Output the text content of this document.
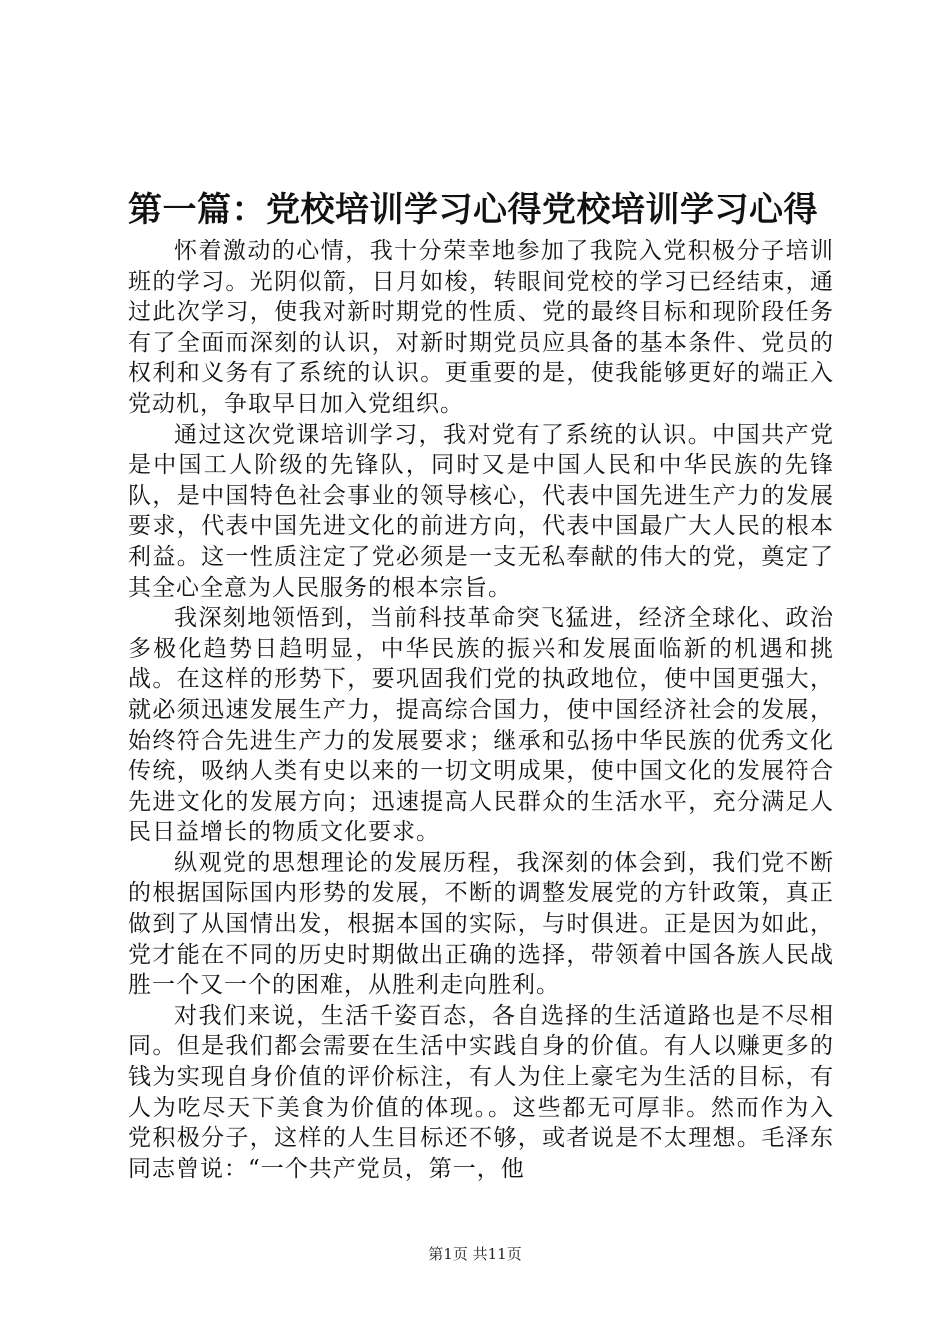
第一篇：党校培训学习心得党校培训学习心得

怀着激动的心情，我十分荣幸地参加了我院入党积极分子培训班的学习。光阴似箭，日月如梭，转眼间党校的学习已经结束，通过此次学习，使我对新时期党的性质、党的最终目标和现阶段任务有了全面而深刻的认识，对新时期党员应具备的基本条件、党员的权利和义务有了系统的认识。更重要的是，使我能够更好的端正入党动机，争取早日加入党组织。

通过这次党课培训学习，我对党有了系统的认识。中国共产党是中国工人阶级的先锋队，同时又是中国人民和中华民族的先锋队，是中国特色社会事业的领导核心，代表中国先进生产力的发展要求，代表中国先进文化的前进方向，代表中国最广大人民的根本利益。这一性质注定了党必须是一支无私奉献的伟大的党，奠定了其全心全意为人民服务的根本宗旨。

我深刻地领悟到，当前科技革命突飞猛进，经济全球化、政治多极化趋势日趋明显，中华民族的振兴和发展面临新的机遇和挑战。在这样的形势下，要巩固我们党的执政地位，使中国更强大，就必须迅速发展生产力，提高综合国力，使中国经济社会的发展，始终符合先进生产力的发展要求；继承和弘扬中华民族的优秀文化传统，吸纳人类有史以来的一切文明成果，使中国文化的发展符合先进文化的发展方向；迅速提高人民群众的生活水平，充分满足人民日益增长的物质文化要求。

纵观党的思想理论的发展历程，我深刻的体会到，我们党不断的根据国际国内形势的发展，不断的调整发展党的方针政策，真正做到了从国情出发，根据本国的实际，与时俱进。正是因为如此，党才能在不同的历史时期做出正确的选择，带领着中国各族人民战胜一个又一个的困难，从胜利走向胜利。

对我们来说，生活千姿百态，各自选择的生活道路也是不尽相同。但是我们都会需要在生活中实践自身的价值。有人以赚更多的钱为实现自身价值的评价标注，有人为住上豪宅为生活的目标，有人为吃尽天下美食为价值的体现。。这些都无可厚非。然而作为入党积极分子，这样的人生目标还不够，或者说是不太理想。毛泽东同志曾说：“一个共产党员，第一，他

第1页 共11页
